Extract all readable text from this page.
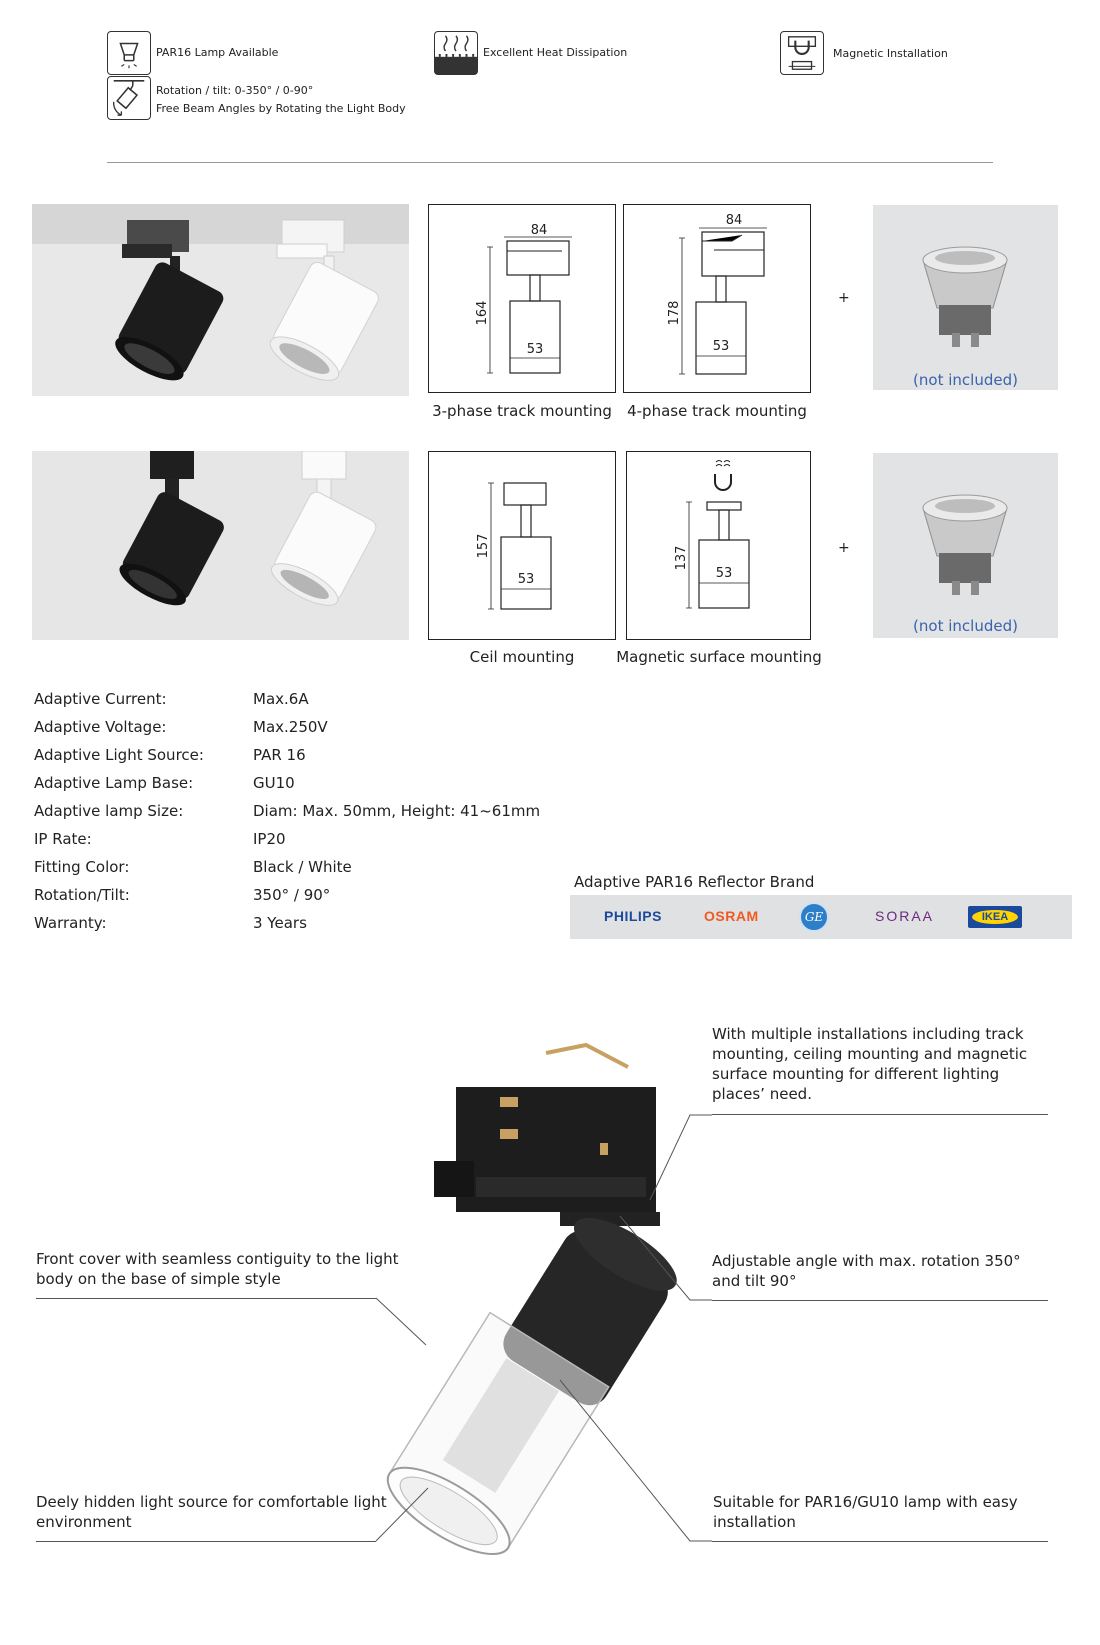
PAR16 Lamp Available	Excellent Heat Dissipation	Magnetic Installation
Rotation / tilt: 0-350° / 0-90°
Free Beam Angles by Rotating the Light Body
84
53
164
84
53
178
3-phase track mounting	4-phase track mounting
+
(not included)
53
157
53
137
Ceil mounting	Magnetic surface mounting
+
(not included)
Adaptive Current:	Max.6A
Adaptive Voltage:	Max.250V
Adaptive Light Source:	PAR 16
Adaptive Lamp Base:	GU10
Adaptive lamp Size:	Diam: Max. 50mm, Height: 41~61mm
IP Rate:	IP20
Fitting Color:	Black / White
Rotation/Tilt:	350° / 90°
Warranty:	3 Years
Adaptive PAR16 Reflector Brand
PHILIPS	OSRAM	GE	SORAA	IKEA
With multiple installations including track
mounting, ceiling mounting and magnetic
surface mounting for different lighting
places’ need.
Adjustable angle with max. rotation 350°
and tilt 90°
Front cover with seamless contiguity to the light
body on the base of simple style
Deely hidden light source for comfortable light
environment
Suitable for PAR16/GU10 lamp with easy
installation
